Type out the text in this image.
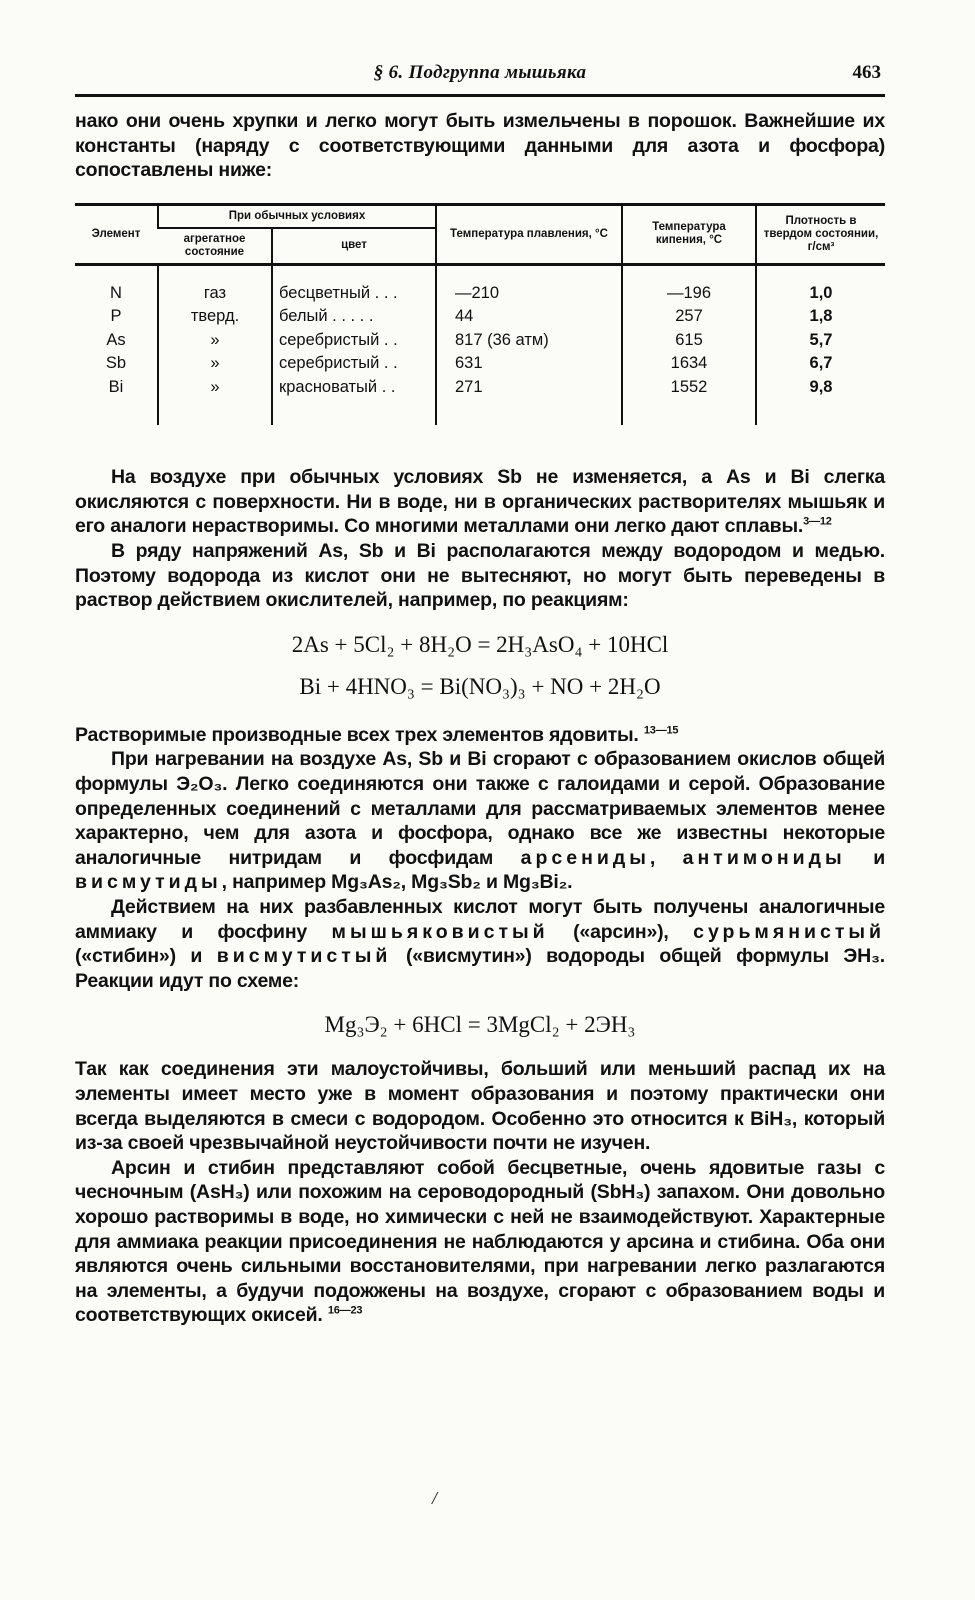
§ 6. Подгруппа мышьяка	463

нако они очень хрупки и легко могут быть измельчены в порошок. Важнейшие их константы (наряду с соответствующими данными для азота и фосфора) сопоставлены ниже:

Элемент	При обычных условиях		Температура плавления, °С	Температура кипения, °С	Плотность в твердом состоянии, г/см³
	агрегатное состояние	цвет			
N	газ	бесцветный . . .	—210	—196	1,0
P	тверд.	белый . . . . .	44	257	1,8
As	»	серебристый . .	817 (36 атм)	615	5,7
Sb	»	серебристый . .	631	1634	6,7
Bi	»	красноватый . .	271	1552	9,8

На воздухе при обычных условиях Sb не изменяется, а As и Bi слегка окисляются с поверхности. Ни в воде, ни в органических растворителях мышьяк и его аналоги нерастворимы. Со многими металлами они легко дают сплавы.$^{3—12}$

В ряду напряжений As, Sb и Bi располагаются между водородом и медью. Поэтому водорода из кислот они не вытесняют, но могут быть переведены в раствор действием окислителей, например, по реакциям:

2As + 5Cl₂ + 8H₂O = 2H₃AsO₄ + 10HCl
Bi + 4HNO₃ = Bi(NO₃)₃ + NO + 2H₂O

Растворимые производные всех трех элементов ядовиты. $^{13—15}$

При нагревании на воздухе As, Sb и Bi сгорают с образованием окислов общей формулы Э₂О₃. Легко соединяются они также с галоидами и серой. Образование определенных соединений с металлами для рассматриваемых элементов менее характерно, чем для азота и фосфора, однако все же известны некоторые аналогичные нитридам и фосфидам арсениды, антимониды и висмутиды, например Mg₃As₂, Mg₃Sb₂ и Mg₃Bi₂.

Действием на них разбавленных кислот могут быть получены аналогичные аммиаку и фосфину мышьяковистый («арсин»), сурьмянистый («стибин») и висмутистый («висмутин») водороды общей формулы ЭН₃. Реакции идут по схеме:

Mg₃Э₂ + 6HCl = 3MgCl₂ + 2ЭH₃

Так как соединения эти малоустойчивы, больший или меньший распад их на элементы имеет место уже в момент образования и поэтому практически они всегда выделяются в смеси с водородом. Особенно это относится к BiH₃, который из-за своей чрезвычайной неустойчивости почти не изучен.

Арсин и стибин представляют собой бесцветные, очень ядовитые газы с чесночным (AsH₃) или похожим на сероводородный (SbH₃) запахом. Они довольно хорошо растворимы в воде, но химически с ней не взаимодействуют. Характерные для аммиака реакции присоединения не наблюдаются у арсина и стибина. Оба они являются очень сильными восстановителями, при нагревании легко разлагаются на элементы, а будучи подожжены на воздухе, сгорают с образованием воды и соответствующих окисей. $^{16—23}$

/
